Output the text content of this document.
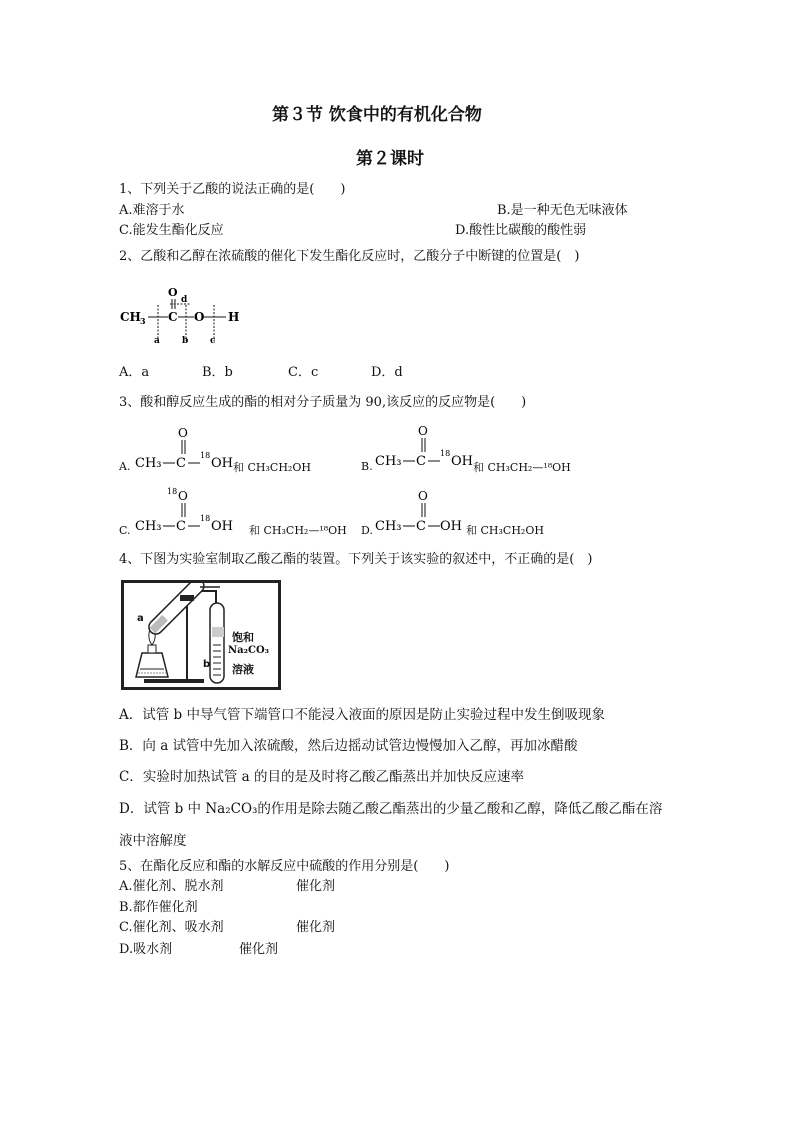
第３节 饮食中的有机化合物
第２课时
1、下列关于乙酸的说法正确的是(　　)
A.难溶于水	B.是一种无色无味液体
C.能发生酯化反应	D.酸性比碳酸的酸性弱
2、乙酸和乙醇在浓硫酸的催化下发生酯化反应时，乙酸分子中断键的位置是(　)
CH 3 C
O
d
O H
a b c
A．a	B．b	C．c	D．d
3、酸和醇反应生成的酯的相对分子质量为 90,该反应的反应物是(　　)
A. CH₃ C
O
18
OH 和 CH₃CH₂OH	B. CH₃ C
O
18
OH 和 CH₃CH₂—¹⁸OH
C. CH₃ C
18 O
18
OH 和 CH₃CH₂—¹⁸OH D. CH₃ C
O
OH 和 CH₃CH₂OH
4、下图为实验室制取乙酸乙酯的装置。下列关于该实验的叙述中，不正确的是(　)
a
b
饱和
Na₂CO₃
溶液
A．试管 b 中导气管下端管口不能浸入液面的原因是防止实验过程中发生倒吸现象
B．向 a 试管中先加入浓硫酸，然后边摇动试管边慢慢加入乙醇，再加冰醋酸
C．实验时加热试管 a 的目的是及时将乙酸乙酯蒸出并加快反应速率
D．试管 b 中 Na₂CO₃的作用是除去随乙酸乙酯蒸出的少量乙酸和乙醇，降低乙酸乙酯在溶
液中溶解度
5、在酯化反应和酯的水解反应中硫酸的作用分别是(　　)
A.催化剂、脱水剂	催化剂
B.都作催化剂
C.催化剂、吸水剂	催化剂
D.吸水剂	催化剂
